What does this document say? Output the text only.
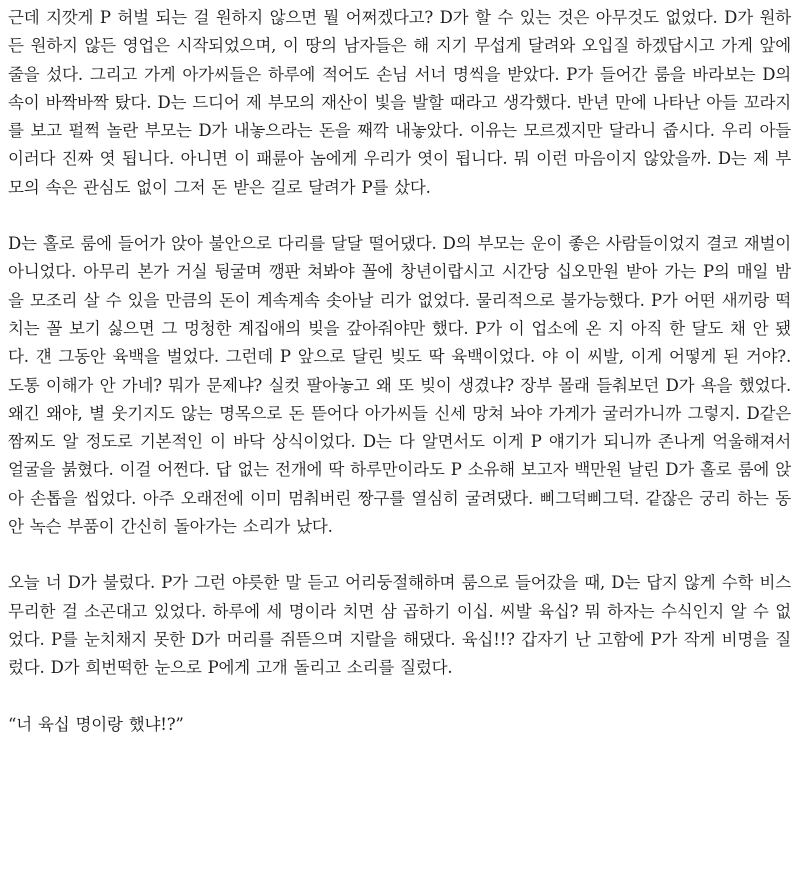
근데 지깟게 P 허벌 되는 걸 원하지 않으면 뭘 어쩌겠다고? D가 할 수 있는 것은 아무것도 없었다. D가 원하든 원하지 않든 영업은 시작되었으며, 이 땅의 남자들은 해 지기 무섭게 달려와 오입질 하겠답시고 가게 앞에 줄을 섰다. 그리고 가게 아가씨들은 하루에 적어도 손님 서너 명씩을 받았다. P가 들어간 룸을 바라보는 D의 속이 바짝바짝 탔다. D는 드디어 제 부모의 재산이 빛을 발할 때라고 생각했다. 반년 만에 나타난 아들 꼬라지를 보고 펄쩍 놀란 부모는 D가 내놓으라는 돈을 째깍 내놓았다. 이유는 모르겠지만 달라니 줍시다. 우리 아들 이러다 진짜 엿 됩니다. 아니면 이 패륜아 놈에게 우리가 엿이 됩니다. 뭐 이런 마음이지 않았을까. D는 제 부모의 속은 관심도 없이 그저 돈 받은 길로 달려가 P를 샀다.

D는 홀로 룸에 들어가 앉아 불안으로 다리를 달달 떨어댔다. D의 부모는 운이 좋은 사람들이었지 결코 재벌이 아니었다. 아무리 본가 거실 뒹굴며 깽판 쳐봐야 꼴에 창년이랍시고 시간당 십오만원 받아 가는 P의 매일 밤을 모조리 살 수 있을 만큼의 돈이 계속계속 솟아날 리가 없었다. 물리적으로 불가능했다. P가 어떤 새끼랑 떡치는 꼴 보기 싫으면 그 멍청한 계집애의 빚을 갚아줘야만 했다. P가 이 업소에 온 지 아직 한 달도 채 안 됐다. 걘 그동안 육백을 벌었다. 그런데 P 앞으로 달린 빚도 딱 육백이었다. 야 이 씨발, 이게 어떻게 된 거야?. 도통 이해가 안 가네? 뭐가 문제냐? 실컷 팔아놓고 왜 또 빚이 생겼냐? 장부 몰래 들춰보던 D가 욕을 했었다. 왜긴 왜야, 별 웃기지도 않는 명목으로 돈 뜯어다 아가씨들 신세 망쳐 놔야 가게가 굴러가니까 그렇지. D같은 짬찌도 알 정도로 기본적인 이 바닥 상식이었다. D는 다 알면서도 이게 P 얘기가 되니까 존나게 억울해져서 얼굴을 붉혔다. 이걸 어쩐다. 답 없는 전개에 딱 하루만이라도 P 소유해 보고자 백만원 날린 D가 홀로 룸에 앉아 손톱을 씹었다. 아주 오래전에 이미 멈춰버린 짱구를 열심히 굴려댔다. 삐그덕삐그덕. 같잖은 궁리 하는 동안 녹슨 부품이 간신히 돌아가는 소리가 났다.

오늘 너 D가 불렀다. P가 그런 야릇한 말 듣고 어리둥절해하며 룸으로 들어갔을 때, D는 답지 않게 수학 비스무리한 걸 소곤대고 있었다. 하루에 세 명이라 치면 삼 곱하기 이십. 씨발 육십? 뭐 하자는 수식인지 알 수 없었다. P를 눈치채지 못한 D가 머리를 쥐뜯으며 지랄을 해댔다. 육십!!? 갑자기 난 고함에 P가 작게 비명을 질렀다. D가 희번떡한 눈으로 P에게 고개 돌리고 소리를 질렀다.

“너 육십 명이랑 했냐!?”
